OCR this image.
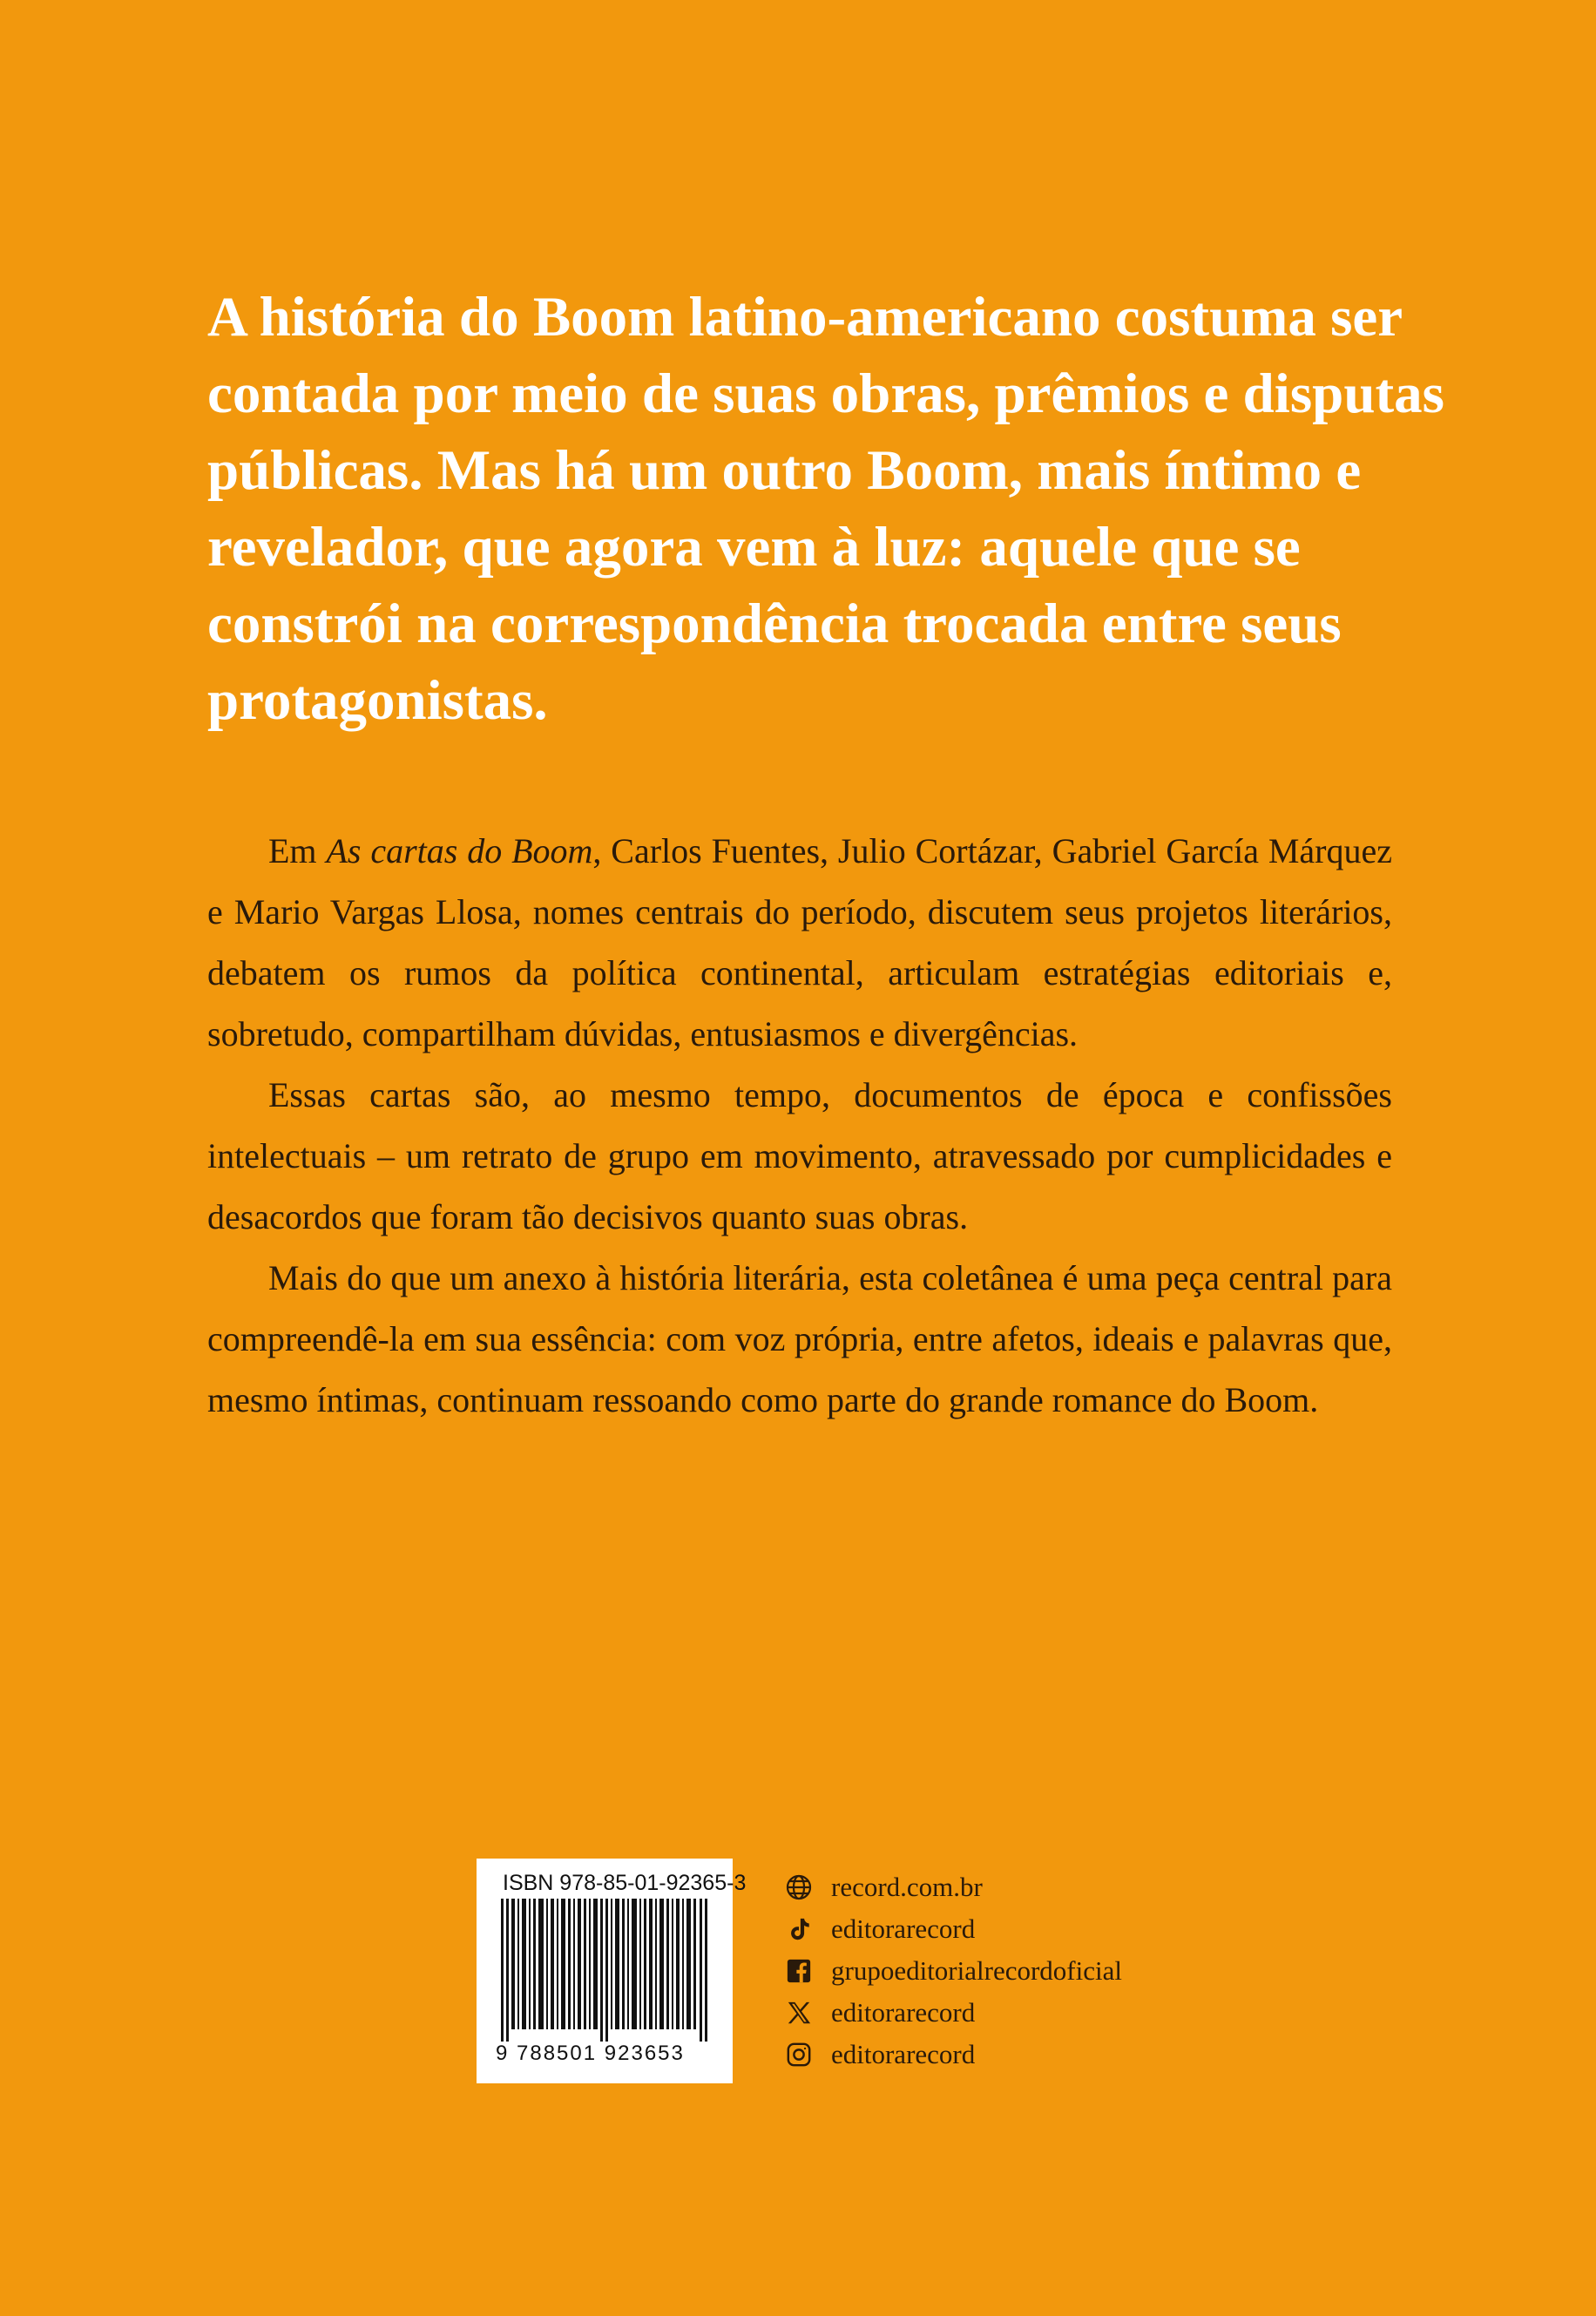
A história do Boom latino-americano costuma ser contada por meio de suas obras, prêmios e disputas públicas. Mas há um outro Boom, mais íntimo e revelador, que agora vem à luz: aquele que se constrói na correspondência trocada entre seus protagonistas.

Em As cartas do Boom, Carlos Fuentes, Julio Cortázar, Gabriel García Márquez e Mario Vargas Llosa, nomes centrais do período, discutem seus projetos literários, debatem os rumos da política continental, articulam estratégias editoriais e, sobretudo, compartilham dúvidas, entusiasmos e divergências.

Essas cartas são, ao mesmo tempo, documentos de época e confissões intelectuais – um retrato de grupo em movimento, atravessado por cumplicidades e desacordos que foram tão decisivos quanto suas obras.

Mais do que um anexo à história literária, esta coletânea é uma peça central para compreendê-la em sua essência: com voz própria, entre afetos, ideais e palavras que, mesmo íntimas, continuam ressoando como parte do grande romance do Boom.

ISBN 978-85-01-92365-3
9 788501 923653
record.com.br
editorarecord
grupoeditorialrecordoficial
editorarecord
editorarecord
